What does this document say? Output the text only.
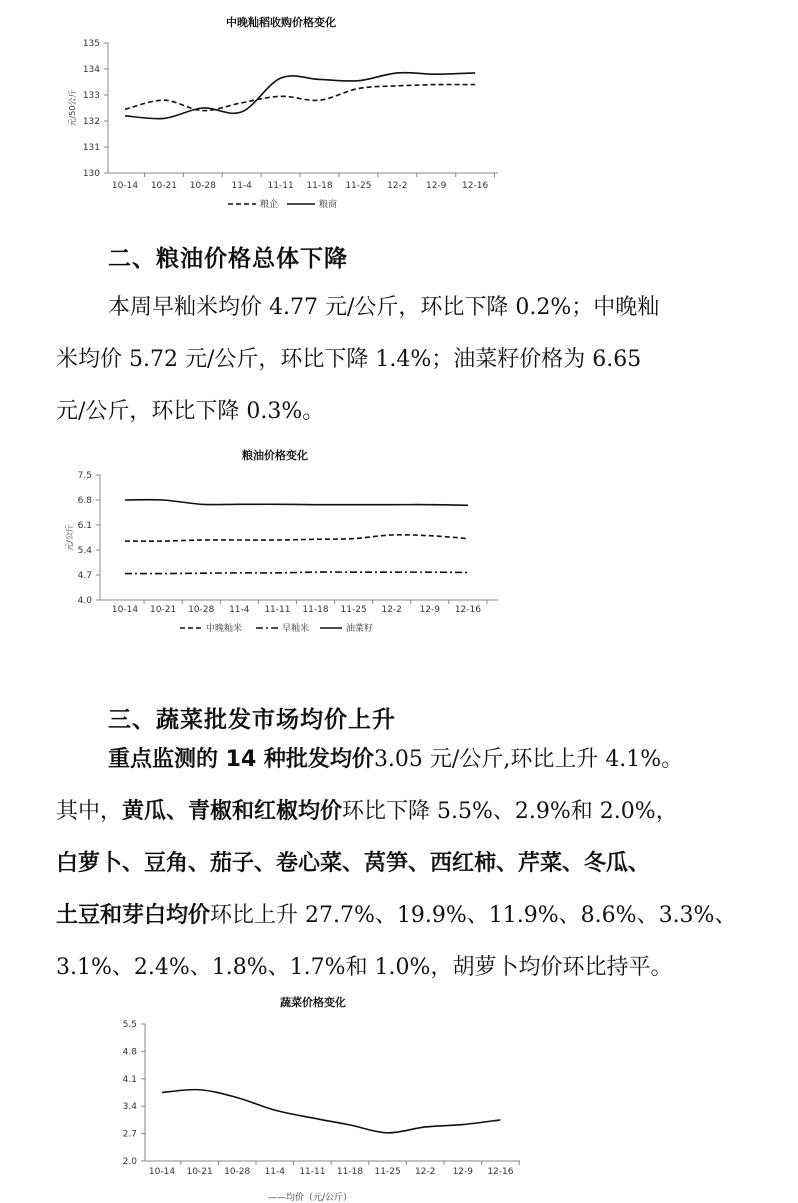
中晚籼稻收购价格变化
130
131
132
133
134
135
10-14 10-21 10-28 11-4 11-11 11-18 11-25 12-2 12-9 12-16
元/50公斤
粮企	粮商
二、粮油价格总体下降
本周早籼米均价 4.77 元/公斤，环比下降 0.2%；中晚籼
米均价 5.72 元/公斤，环比下降 1.4%；油菜籽价格为 6.65
元/公斤，环比下降 0.3%。
粮油价格变化
4.0
4.7
5.4
6.1
6.8
7.5
10-14 10-21 10-28 11-4 11-11 11-18 11-25 12-2 12-9 12-16
元/公斤
中晚籼米	早籼米	油菜籽
三、蔬菜批发市场均价上升
重点监测的 14 种批发均价3.05 元/公斤,环比上升 4.1%。
其中，黄瓜、青椒和红椒均价环比下降 5.5%、2.9%和 2.0%，
白萝卜、豆角、茄子、卷心菜、莴笋、西红柿、芹菜、冬瓜、
土豆和芽白均价环比上升 27.7%、19.9%、11.9%、8.6%、3.3%、
3.1%、2.4%、1.8%、1.7%和 1.0%，胡萝卜均价环比持平。
蔬菜价格变化
2.0
2.7
3.4
4.1
4.8
5.5
10-14 10-21 10-28 11-4 11-11 11-18 11-25 12-2 12-9 12-16
——均价（元/公斤）
